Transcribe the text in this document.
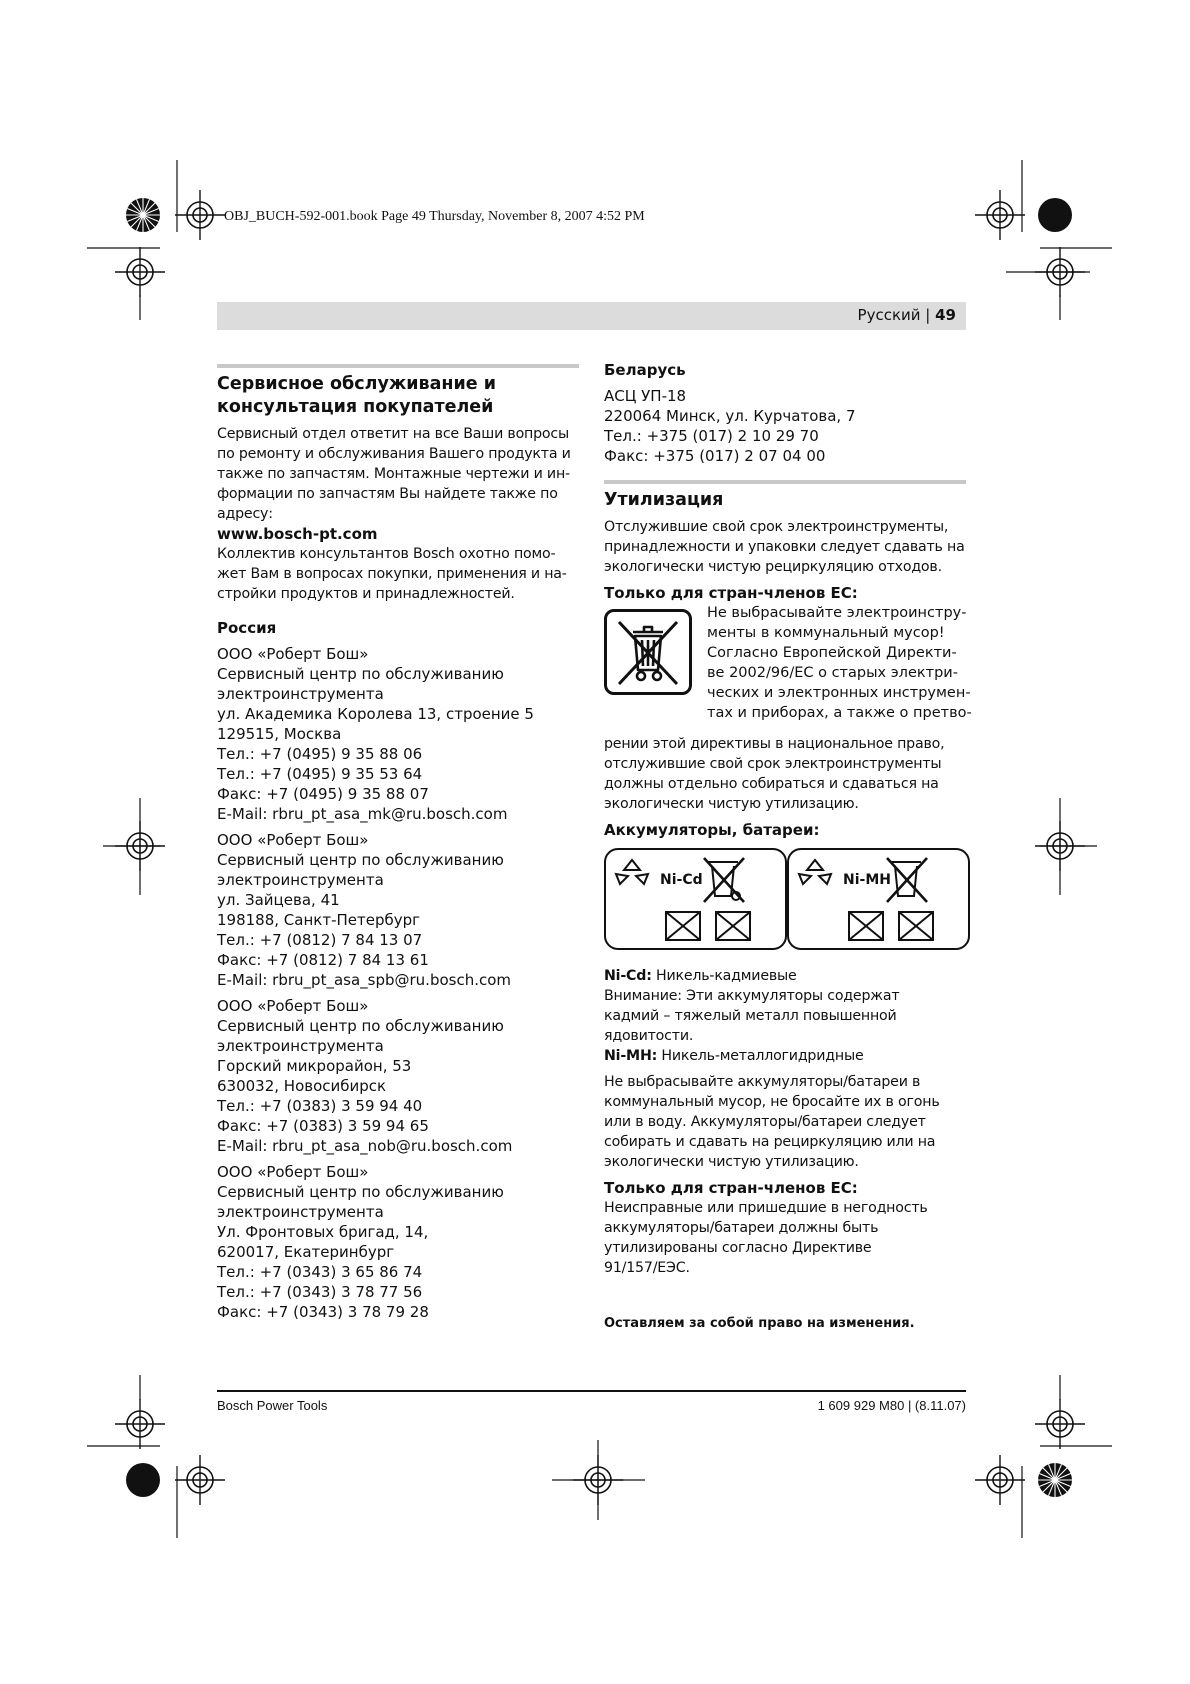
OBJ_BUCH-592-001.book Page 49 Thursday, November 8, 2007 4:52 PM
Русский | 49
Сервисное обслуживание и консультация покупателей
Сервисный отдел ответит на все Ваши вопросы
по ремонту и обслуживания Вашего продукта и
также по запчастям. Монтажные чертежи и ин-
формации по запчастям Вы найдете также по
адресу:
www.bosch-pt.com
Коллектив консультантов Bosch охотно помо-
жет Вам в вопросах покупки, применения и на-
стройки продуктов и принадлежностей.
Россия
ООО «Роберт Бош»
Сервисный центр по обслуживанию
электроинструмента
ул. Академика Королева 13, строение 5
129515, Москва
Тел.: +7 (0495) 9 35 88 06
Тел.: +7 (0495) 9 35 53 64
Факс: +7 (0495) 9 35 88 07
E-Mail: rbru_pt_asa_mk@ru.bosch.com
ООО «Роберт Бош»
Сервисный центр по обслуживанию
электроинструмента
ул. Зайцева, 41
198188, Санкт-Петербург
Тел.: +7 (0812) 7 84 13 07
Факс: +7 (0812) 7 84 13 61
E-Mail: rbru_pt_asa_spb@ru.bosch.com
ООО «Роберт Бош»
Сервисный центр по обслуживанию
электроинструмента
Горский микрорайон, 53
630032, Новосибирск
Тел.: +7 (0383) 3 59 94 40
Факс: +7 (0383) 3 59 94 65
E-Mail: rbru_pt_asa_nob@ru.bosch.com
ООО «Роберт Бош»
Сервисный центр по обслуживанию
электроинструмента
Ул. Фронтовых бригад, 14,
620017, Екатеринбург
Тел.: +7 (0343) 3 65 86 74
Тел.: +7 (0343) 3 78 77 56
Факс: +7 (0343) 3 78 79 28
Беларусь
АСЦ УП-18
220064 Минск, ул. Курчатова, 7
Тел.: +375 (017) 2 10 29 70
Факс: +375 (017) 2 07 04 00
Утилизация
Отслужившие свой срок электроинструменты,
принадлежности и упаковки следует сдавать на
экологически чистую рециркуляцию отходов.
Только для стран-членов ЕС:
Не выбрасывайте электроинстру-
менты в коммунальный мусор!
Согласно Европейской Директи-
ве 2002/96/ЕС о старых электри-
ческих и электронных инструмен-
тах и приборах, а также о претво-
рении этой директивы в национальное право,
отслужившие свой срок электроинструменты
должны отдельно собираться и сдаваться на
экологически чистую утилизацию.
Аккумуляторы, батареи:
Ni-Cd	Ni-MH
Ni-Cd: Никель-кадмиевые
Внимание: Эти аккумуляторы содержат
кадмий – тяжелый металл повышенной
ядовитости.
Ni-MH: Никель-металлогидридные
Не выбрасывайте аккумуляторы/батареи в
коммунальный мусор, не бросайте их в огонь
или в воду. Аккумуляторы/батареи следует
собирать и сдавать на рециркуляцию или на
экологически чистую утилизацию.
Только для стран-членов ЕС:
Неисправные или пришедшие в негодность
аккумуляторы/батареи должны быть
утилизированы согласно Директиве
91/157/ЕЭС.
Оставляем за собой право на изменения.
Bosch Power Tools	1 609 929 M80 | (8.11.07)
